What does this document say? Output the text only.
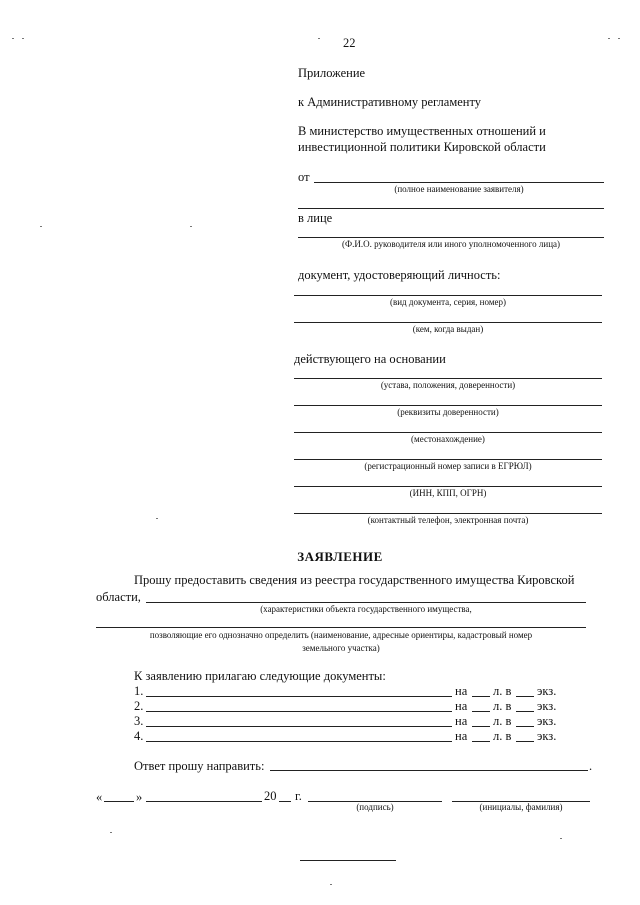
22
Приложение
к Административному регламенту
В министерство имущественных отношений и
инвестиционной политики Кировской области
от
(полное наименование заявителя)
в лице
(Ф.И.О. руководителя или иного уполномоченного лица)
документ, удостоверяющий личность:
(вид документа, серия, номер)
(кем, когда выдан)
действующего на основании
(устава, положения, доверенности)
(реквизиты доверенности)
(местонахождение)
(регистрационный номер записи в ЕГРЮЛ)
(ИНН, КПП, ОГРН)
(контактный телефон, электронная почта)
ЗАЯВЛЕНИЕ
Прошу предоставить сведения из реестра государственного имущества Кировской
области,
(характеристики объекта государственного имущества,
позволяющие его однозначно определить (наименование, адресные ориентиры, кадастровый номер
земельного участка)
К заявлению прилагаю следующие документы:
1.	на л. в экз.
2.	на л. в экз.
3.	на л. в экз.
4.	на л. в экз.
Ответ прошу направить:	.
«	»	20 г.
(подпись)	(инициалы, фамилия)
